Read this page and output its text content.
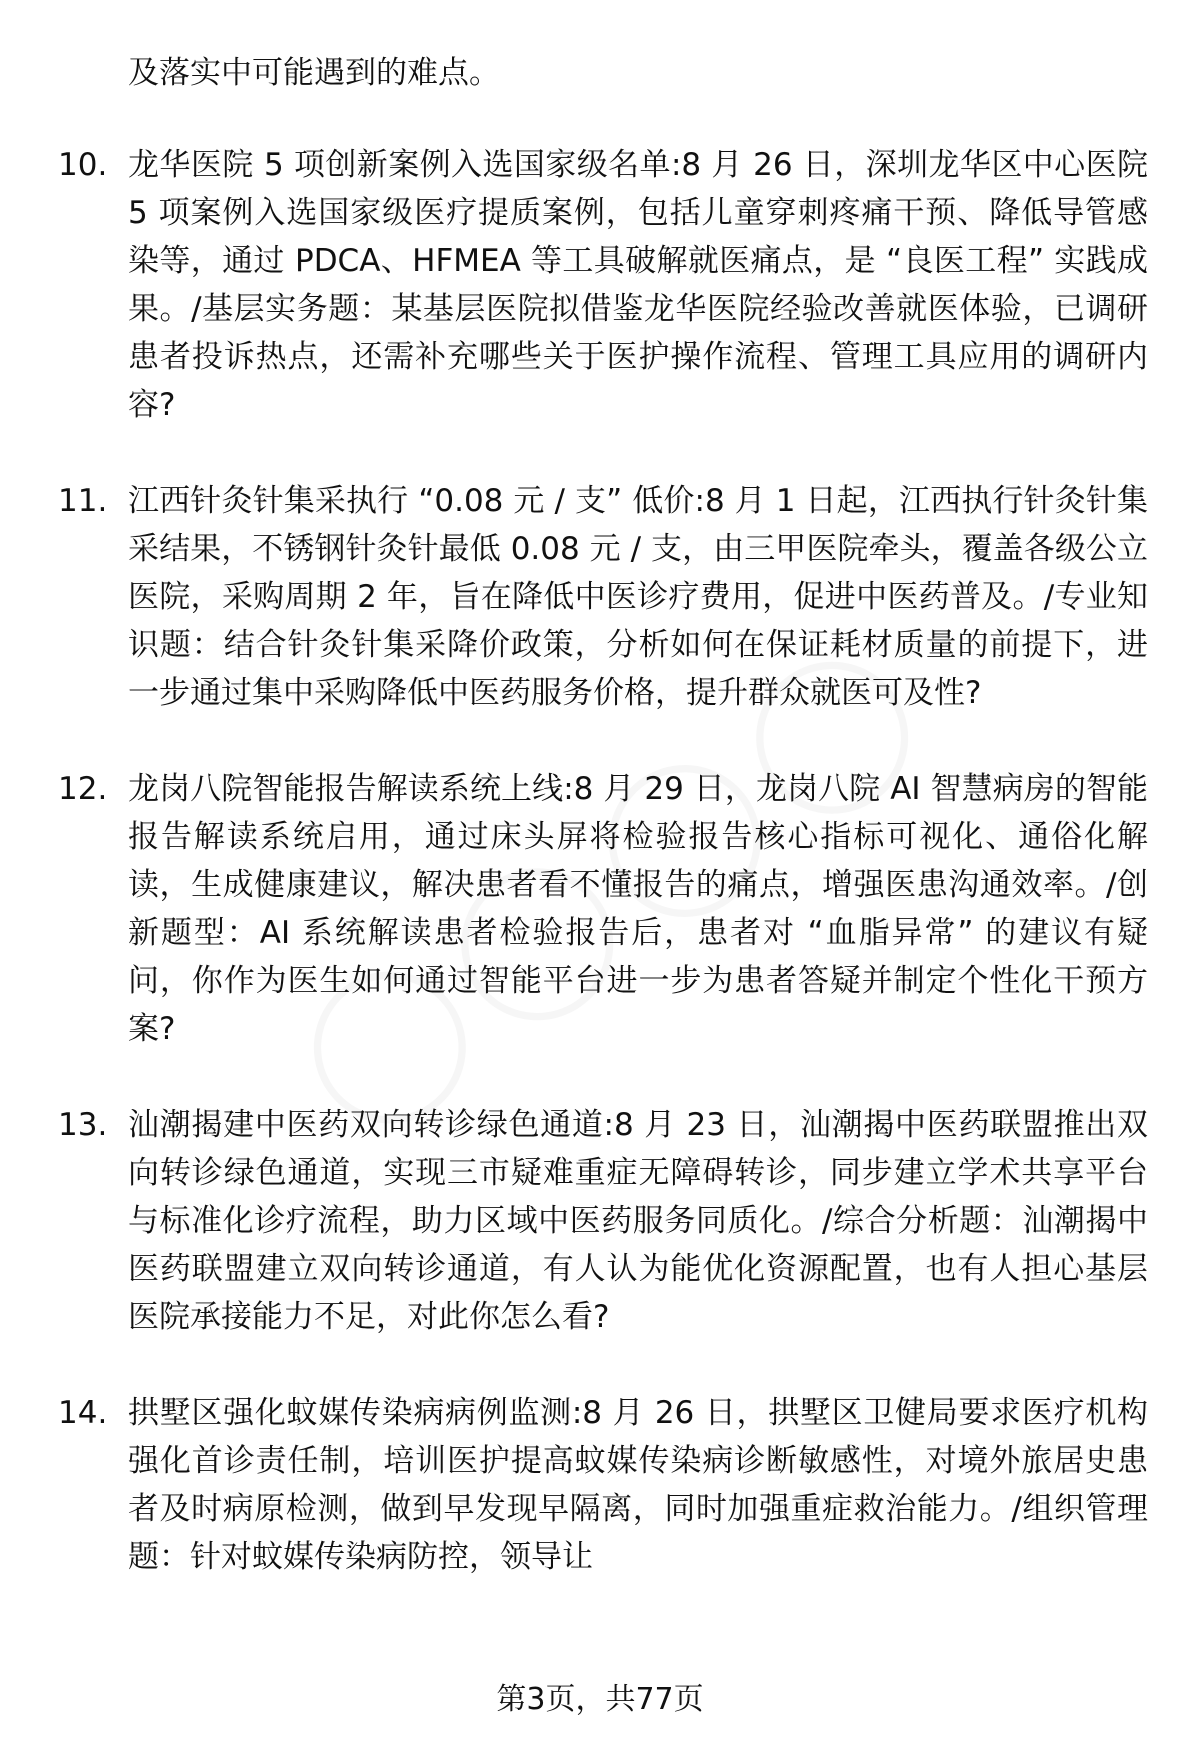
及落实中可能遇到的难点。
10. 龙华医院 5 项创新案例入选国家级名单:8 月 26 日，深圳龙华区中心医院 5 项案例入选国家级医疗提质案例，包括儿童穿刺疼痛干预、降低导管感染等，通过 PDCA、HFMEA 等工具破解就医痛点，是 “良医工程” 实践成果。/基层实务题：某基层医院拟借鉴龙华医院经验改善就医体验，已调研患者投诉热点，还需补充哪些关于医护操作流程、管理工具应用的调研内容?
11. 江西针灸针集采执行 “0.08 元 / 支” 低价:8 月 1 日起，江西执行针灸针集采结果，不锈钢针灸针最低 0.08 元 / 支，由三甲医院牵头，覆盖各级公立医院，采购周期 2 年，旨在降低中医诊疗费用，促进中医药普及。/专业知识题：结合针灸针集采降价政策，分析如何在保证耗材质量的前提下，进一步通过集中采购降低中医药服务价格，提升群众就医可及性?
12. 龙岗八院智能报告解读系统上线:8 月 29 日，龙岗八院 AI 智慧病房的智能报告解读系统启用，通过床头屏将检验报告核心指标可视化、通俗化解读，生成健康建议，解决患者看不懂报告的痛点，增强医患沟通效率。/创新题型：AI 系统解读患者检验报告后，患者对 “血脂异常” 的建议有疑问，你作为医生如何通过智能平台进一步为患者答疑并制定个性化干预方案?
13. 汕潮揭建中医药双向转诊绿色通道:8 月 23 日，汕潮揭中医药联盟推出双向转诊绿色通道，实现三市疑难重症无障碍转诊，同步建立学术共享平台与标准化诊疗流程，助力区域中医药服务同质化。/综合分析题：汕潮揭中医药联盟建立双向转诊通道，有人认为能优化资源配置，也有人担心基层医院承接能力不足，对此你怎么看?
14. 拱墅区强化蚊媒传染病病例监测:8 月 26 日，拱墅区卫健局要求医疗机构强化首诊责任制，培训医护提高蚊媒传染病诊断敏感性，对境外旅居史患者及时病原检测，做到早发现早隔离，同时加强重症救治能力。/组织管理题：针对蚊媒传染病防控，领导让
第3页，共77页
